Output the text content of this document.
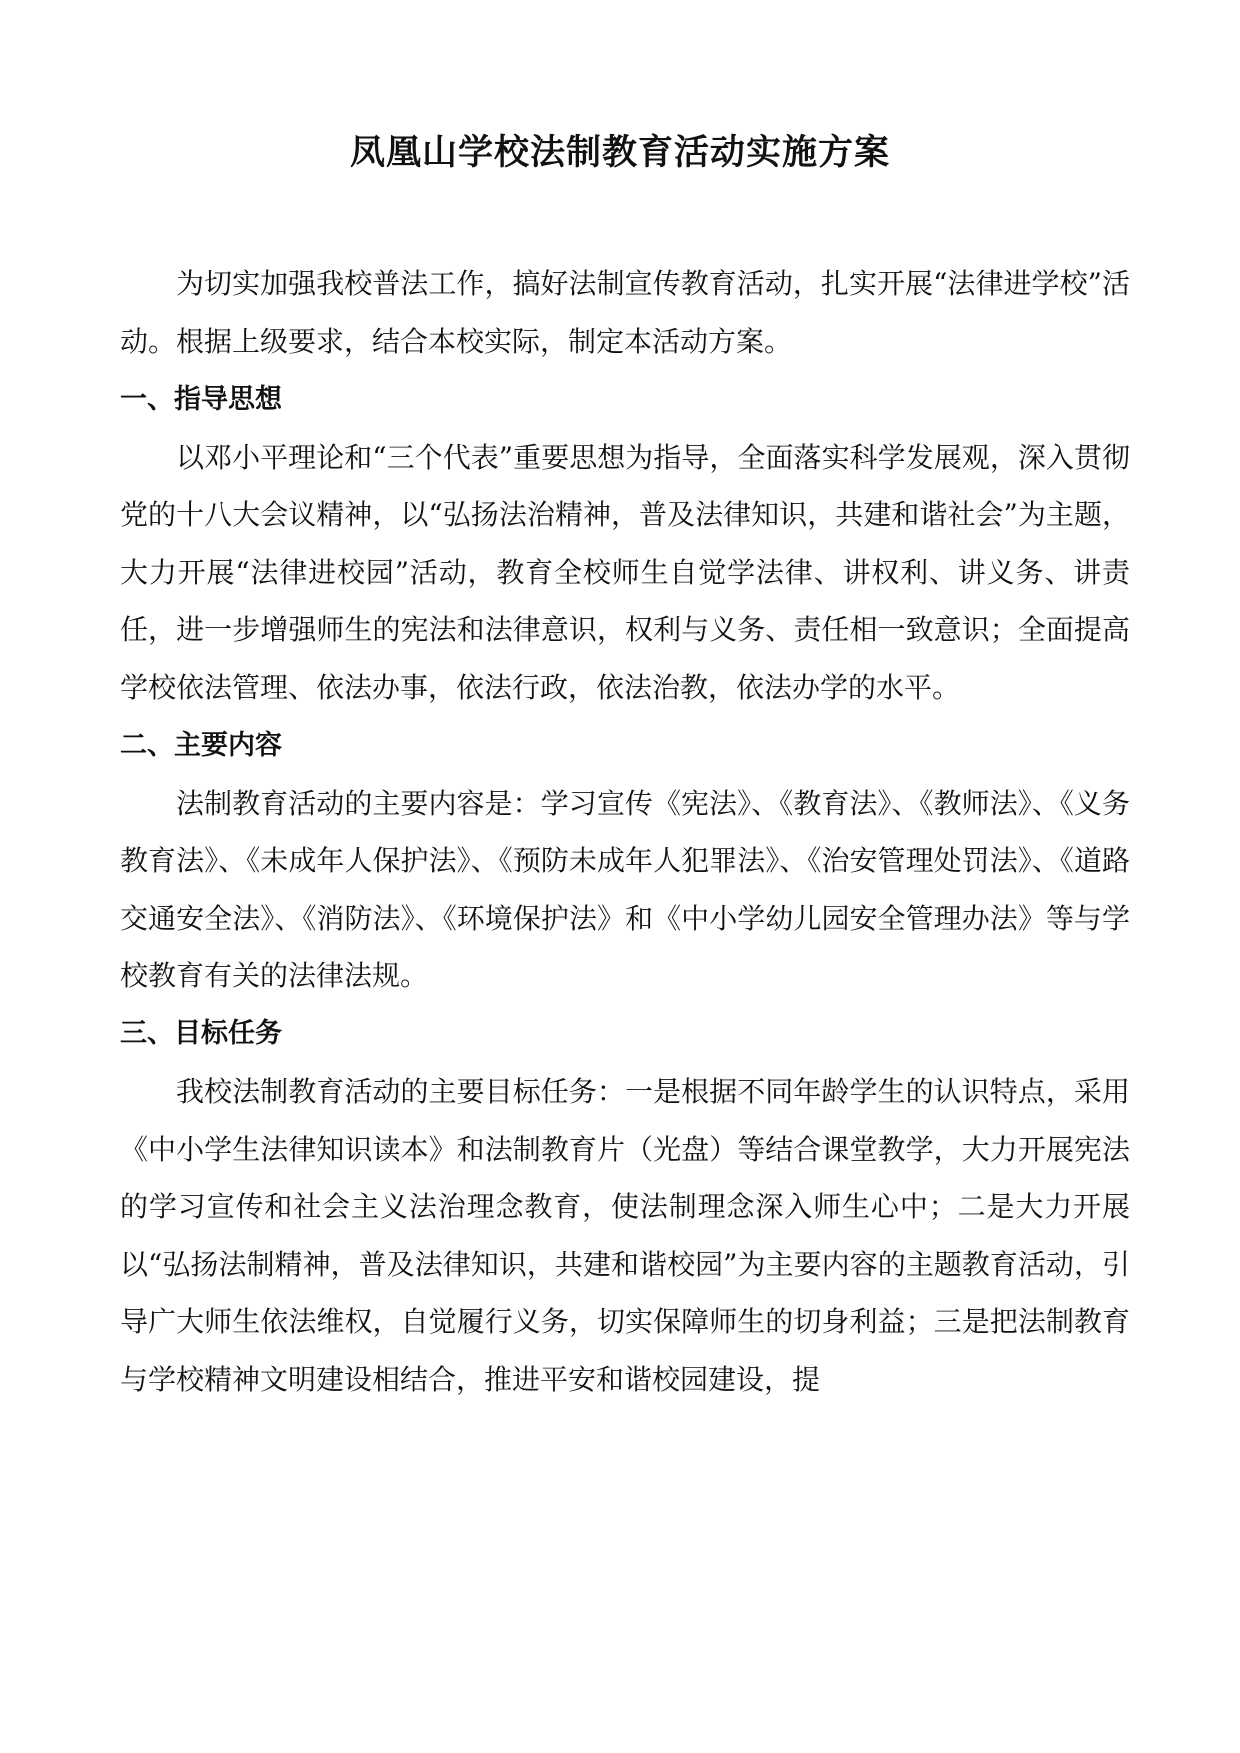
凤凰山学校法制教育活动实施方案

为切实加强我校普法工作，搞好法制宣传教育活动，扎实开展“法律进学校”活动。根据上级要求，结合本校实际，制定本活动方案。

一、指导思想

以邓小平理论和“三个代表”重要思想为指导，全面落实科学发展观，深入贯彻党的十八大会议精神，以“弘扬法治精神，普及法律知识，共建和谐社会”为主题，大力开展“法律进校园”活动，教育全校师生自觉学法律、讲权利、讲义务、讲责任，进一步增强师生的宪法和法律意识，权利与义务、责任相一致意识；全面提高学校依法管理、依法办事，依法行政，依法治教，依法办学的水平。

二、主要内容

法制教育活动的主要内容是：学习宣传《宪法》、《教育法》、《教师法》、《义务教育法》、《未成年人保护法》、《预防未成年人犯罪法》、《治安管理处罚法》、《道路交通安全法》、《消防法》、《环境保护法》和《中小学幼儿园安全管理办法》等与学校教育有关的法律法规。

三、目标任务

我校法制教育活动的主要目标任务：一是根据不同年龄学生的认识特点，采用《中小学生法律知识读本》和法制教育片（光盘）等结合课堂教学，大力开展宪法的学习宣传和社会主义法治理念教育，使法制理念深入师生心中；二是大力开展以“弘扬法制精神，普及法律知识，共建和谐校园”为主要内容的主题教育活动，引导广大师生依法维权，自觉履行义务，切实保障师生的切身利益；三是把法制教育与学校精神文明建设相结合，推进平安和谐校园建设，提
